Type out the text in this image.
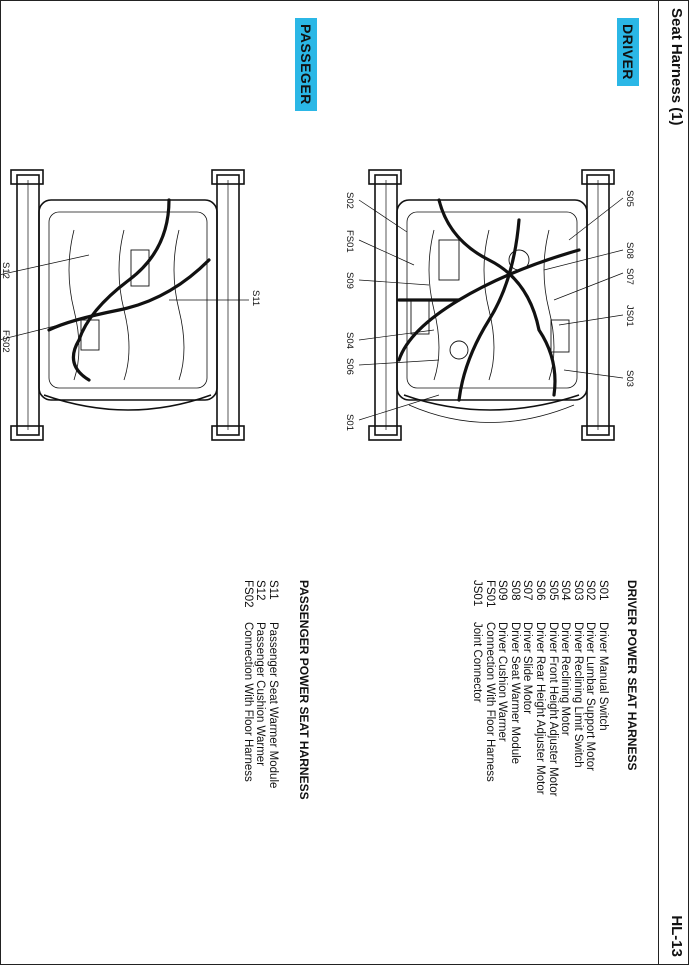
Seat Harness (1)
HL-13
DRIVER
PASSEGER
S05
S08
S07
JS01
S03
S02
FS01
S09
S04
S06
S01
S11
S12
FS02
DRIVER POWER SEAT HARNESS
S01
Driver Manual Switch
S02
Driver Lumbar Support Motor
S03
Driver Reclining Limit Switch
S04
Driver Reclining Motor
S05
Driver Front Height Adjuster Motor
S06
Driver Rear Height Adjuster Motor
S07
Driver Slide Motor
S08
Driver Seat Warmer Module
S09
Driver Cushion Warmer
FS01
Connection With Floor Harness
JS01
Joint Connector
PASSENGER POWER SEAT HARNESS
S11
Passenger Seat Warmer Module
S12
Passenger Cushion Warmer
FS02
Connection With Floor Harness
